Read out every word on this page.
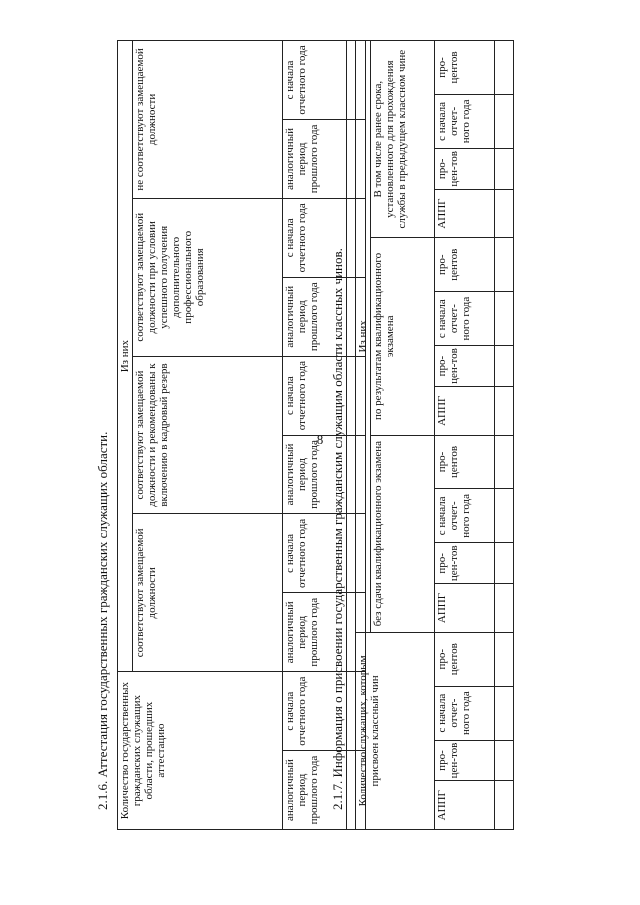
8
2.1.6. Аттестация государственных гражданских служащих области. Количество государственных гражданских служащих области, прошедших аттестацию		Из них							
		соответствуют замещаемой должности		соответствуют замещаемой должности и рекомендованы к включению в кадровый резерв		соответствуют замещаемой должности при условии успешного получения дополнительного профессионального образования		не соответствуют замещаемой должности	
аналогичный период прошлого года	с начала отчетного года	аналогичный период прошлого года	с начала отчетного года	аналогичный период прошлого года	с начала отчетного года	аналогичный период прошлого года	с начала отчетного года	аналогичный период прошлого года	с начала отчетного года

2.1.7. Информация о присвоении государственным гражданским служащим области классных чинов. Количество служащих, которым присвоен классный чин				Из них											
				без сдачи квалификационного экзамена				по результатам квалификационного экзамена				В том числе ранее срока, установленного для прохождения службы в предыдущем классном чине			
АППГ	про-цен-тов	с начала отчет-ного года	про-центов	АППГ	про-цен-тов	с начала отчет-ного года	про-центов	АППГ	про-цен-тов	с начала отчет-ного года	про-центов	АППГ	про-цен-тов	с начала отчет-ного года	про-центов
